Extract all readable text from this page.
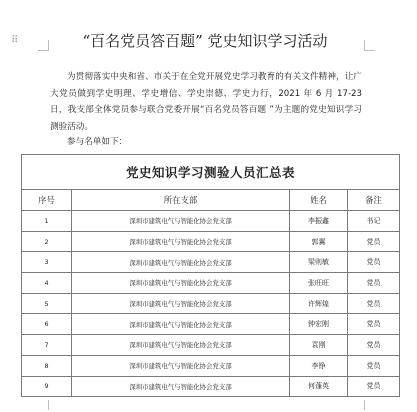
⠿	“百名党员答百题” 党史知识学习活动
为贯彻落实中央和省、市关于在全党开展党史学习教育的有关文件精神，让广大党员做到学史明理、学史增信、学史崇德、学史力行，2021 年 6 月 17-23 日，我支部全体党员参与联合党委开展“百名党员答百题 ”为主题的党史知识学习测验活动。
参与名单如下：
党史知识学习测验人员汇总表			
序号	所在支部	姓名	备注
1	深圳市建筑电气与智能化协会党支部	李振鑫	书记
2	深圳市建筑电气与智能化协会党支部	郭翼	党员
3	深圳市建筑电气与智能化协会党支部	梁则敏	党员
4	深圳市建筑电气与智能化协会党支部	张旺旺	党员
5	深圳市建筑电气与智能化协会党支部	许辉煌	党员
6	深圳市建筑电气与智能化协会党支部	钟宏刚	党员
7	深圳市建筑电气与智能化协会党支部	袁刚	党员
8	深圳市建筑电气与智能化协会党支部	李铮	党员
9	深圳市建筑电气与智能化协会党支部	何蓬英	党员
